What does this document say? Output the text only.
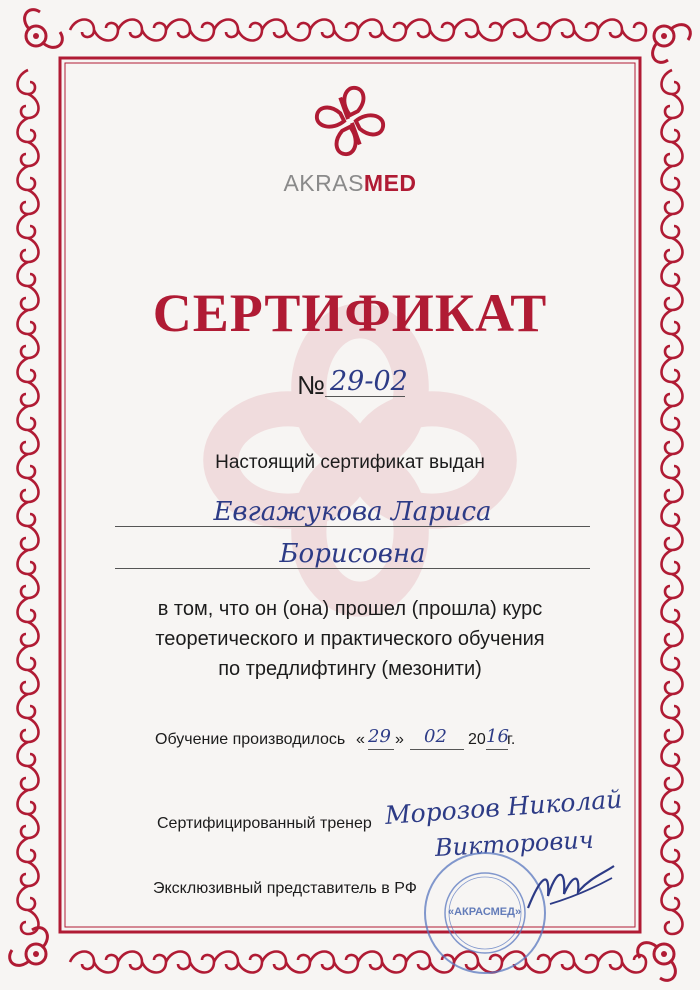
AKRASMED
СЕРТИФИКАТ
№ 29-02
Настоящий сертификат выдан
Евгажукова Лариса
Борисовна
в том, что он (она) прошел (прошла) курс
теоретического и практического обучения
по тредлифтингу (мезонити)
Обучение производилось « 29 » 02 20 16
г.
Сертифицированный тренер Морозов Николай
Викторович
Эксклюзивный представитель в РФ
«АКРАСМЕД»
